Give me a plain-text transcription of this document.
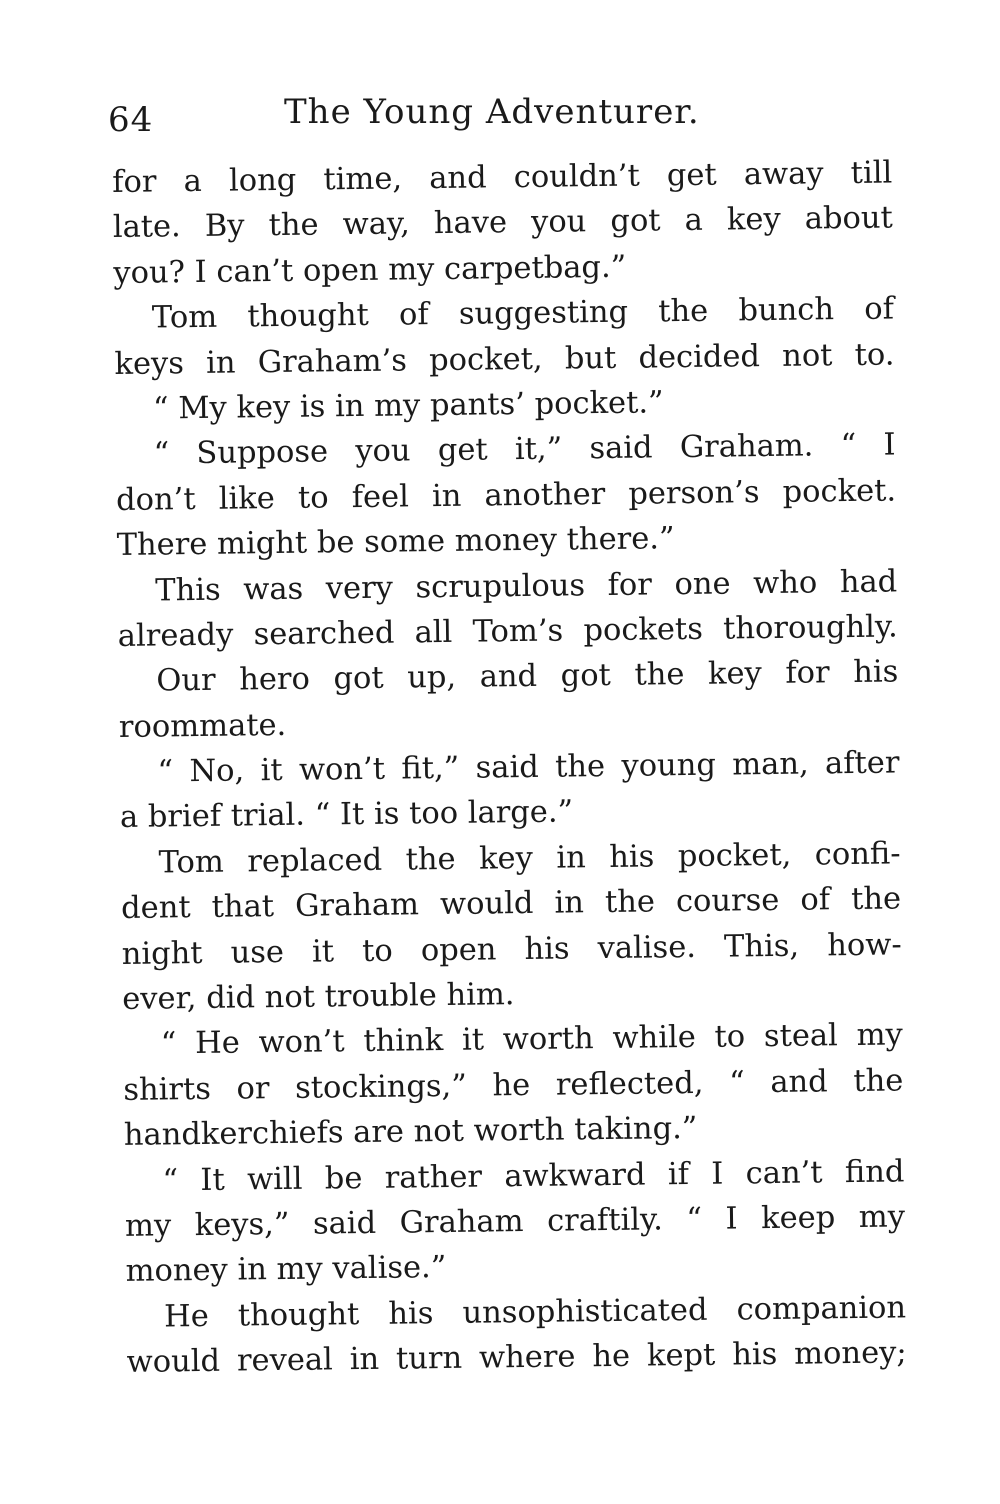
64	The Young Adventurer.
for a long time, and couldn’t get away till
late. By the way, have you got a key about
you? I can’t open my carpetbag.”
Tom thought of suggesting the bunch of
keys in Graham’s pocket, but decided not to.
“ My key is in my pants’ pocket.”
“ Suppose you get it,” said Graham. “ I
don’t like to feel in another person’s pocket.
There might be some money there.”
This was very scrupulous for one who had
already searched all Tom’s pockets thoroughly.
Our hero got up, and got the key for his
roommate.
“ No, it won’t fit,” said the young man, after
a brief trial. “ It is too large.”
Tom replaced the key in his pocket, confi-
dent that Graham would in the course of the
night use it to open his valise. This, how-
ever, did not trouble him.
“ He won’t think it worth while to steal my
shirts or stockings,” he reflected, “ and the
handkerchiefs are not worth taking.”
“ It will be rather awkward if I can’t find
my keys,” said Graham craftily. “ I keep my
money in my valise.”
He thought his unsophisticated companion
would reveal in turn where he kept his money;
